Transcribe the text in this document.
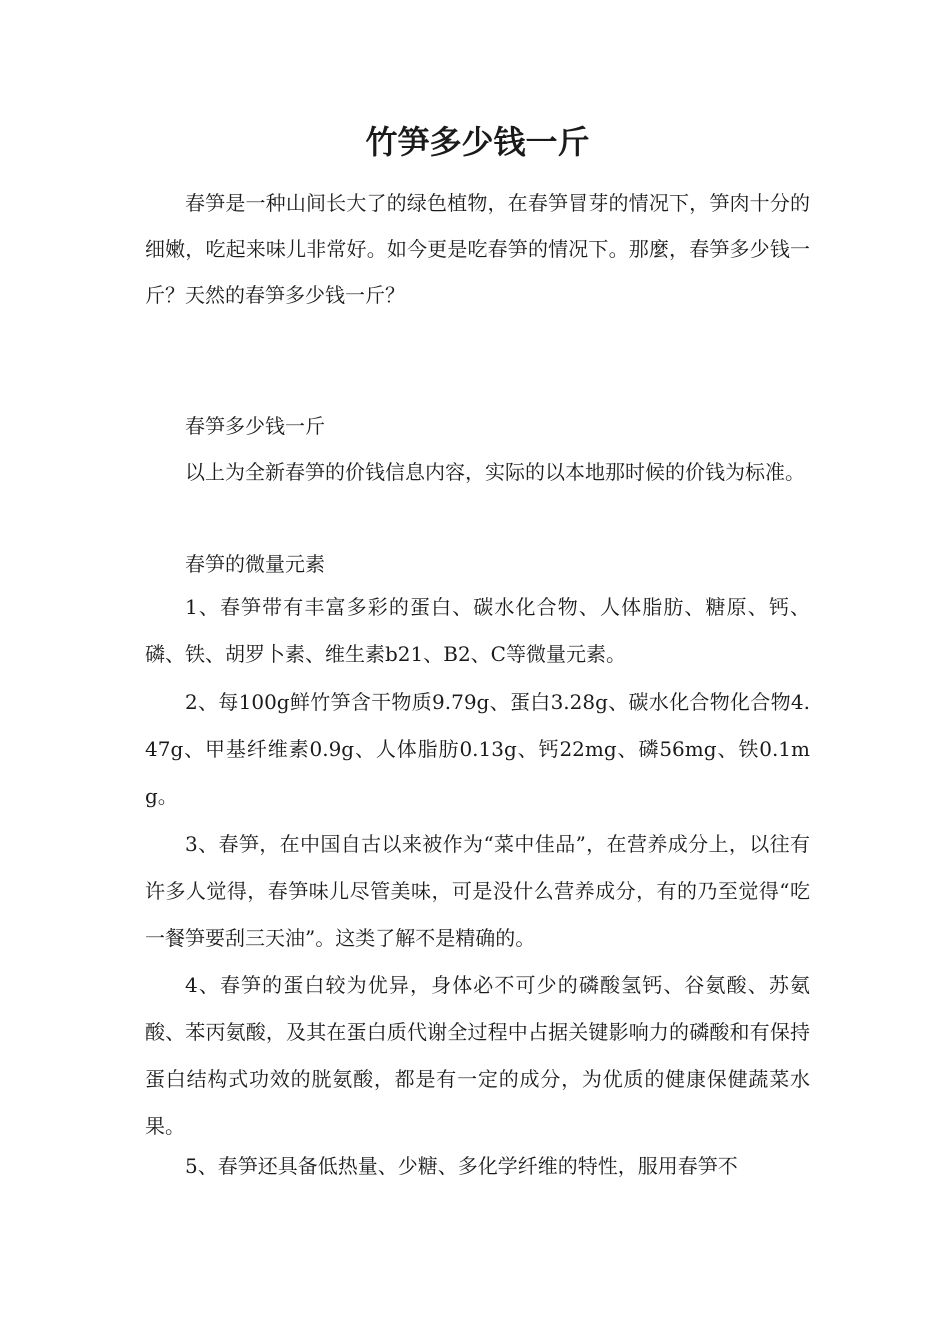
竹笋多少钱一斤

春笋是一种山间长大了的绿色植物，在春笋冒芽的情况下，笋肉十分的细嫩，吃起来味儿非常好。如今更是吃春笋的情况下。那麼，春笋多少钱一斤？天然的春笋多少钱一斤？

春笋多少钱一斤

以上为全新春笋的价钱信息内容，实际的以本地那时候的价钱为标准。

春笋的微量元素

1、春笋带有丰富多彩的蛋白、碳水化合物、人体脂肪、糖原、钙、磷、铁、胡罗卜素、维生素b21、B2、C等微量元素。

2、每100g鲜竹笋含干物质9.79g、蛋白3.28g、碳水化合物化合物4.47g、甲基纤维素0.9g、人体脂肪0.13g、钙22mg、磷56mg、铁0.1mg。

3、春笋，在中国自古以来被作为“菜中佳品”，在营养成分上，以往有许多人觉得，春笋味儿尽管美味，可是没什么营养成分，有的乃至觉得“吃一餐笋要刮三天油”。这类了解不是精确的。

4、春笋的蛋白较为优异，身体必不可少的磷酸氢钙、谷氨酸、苏氨酸、苯丙氨酸，及其在蛋白质代谢全过程中占据关键影响力的磷酸和有保持蛋白结构式功效的胱氨酸，都是有一定的成分，为优质的健康保健蔬菜水果。

5、春笋还具备低热量、少糖、多化学纤维的特性，服用春笋不
